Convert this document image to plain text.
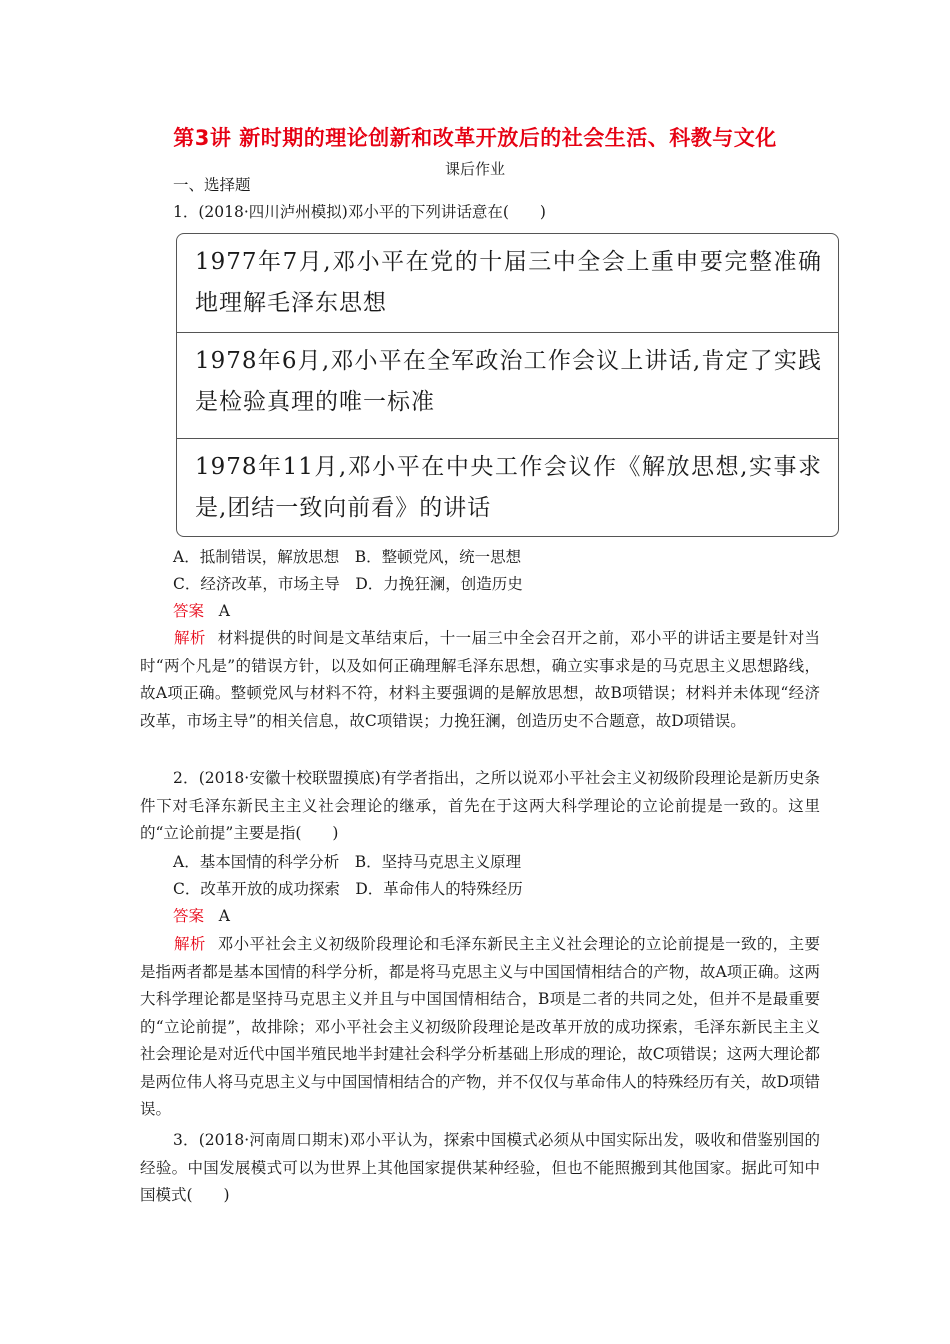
第3讲 新时期的理论创新和改革开放后的社会生活、科教与文化
课后作业
一、选择题
1．(2018·四川泸州模拟)邓小平的下列讲话意在(　　)
1977年7月,邓小平在党的十届三中全会上重申要完整准确地理解毛泽东思想
1978年6月,邓小平在全军政治工作会议上讲话,肯定了实践是检验真理的唯一标准
1978年11月,邓小平在中央工作会议作《解放思想,实事求是,团结一致向前看》的讲话
A．抵制错误，解放思想　B．整顿党风，统一思想
C．经济改革，市场主导　D．力挽狂澜，创造历史
答案 A
解析 材料提供的时间是文革结束后，十一届三中全会召开之前，邓小平的讲话主要是针对当时“两个凡是”的错误方针，以及如何正确理解毛泽东思想，确立实事求是的马克思主义思想路线，故A项正确。整顿党风与材料不符，材料主要强调的是解放思想，故B项错误；材料并未体现“经济改革，市场主导”的相关信息，故C项错误；力挽狂澜，创造历史不合题意，故D项错误。
2．(2018·安徽十校联盟摸底)有学者指出，之所以说邓小平社会主义初级阶段理论是新历史条件下对毛泽东新民主主义社会理论的继承，首先在于这两大科学理论的立论前提是一致的。这里的“立论前提”主要是指(　　)
A．基本国情的科学分析　B．坚持马克思主义原理
C．改革开放的成功探索　D．革命伟人的特殊经历
答案 A
解析 邓小平社会主义初级阶段理论和毛泽东新民主主义社会理论的立论前提是一致的，主要是指两者都是基本国情的科学分析，都是将马克思主义与中国国情相结合的产物，故A项正确。这两大科学理论都是坚持马克思主义并且与中国国情相结合，B项是二者的共同之处，但并不是最重要的“立论前提”，故排除；邓小平社会主义初级阶段理论是改革开放的成功探索，毛泽东新民主主义社会理论是对近代中国半殖民地半封建社会科学分析基础上形成的理论，故C项错误；这两大理论都是两位伟人将马克思主义与中国国情相结合的产物，并不仅仅与革命伟人的特殊经历有关，故D项错误。
3．(2018·河南周口期末)邓小平认为，探索中国模式必须从中国实际出发，吸收和借鉴别国的经验。中国发展模式可以为世界上其他国家提供某种经验，但也不能照搬到其他国家。据此可知中国模式(　　)
